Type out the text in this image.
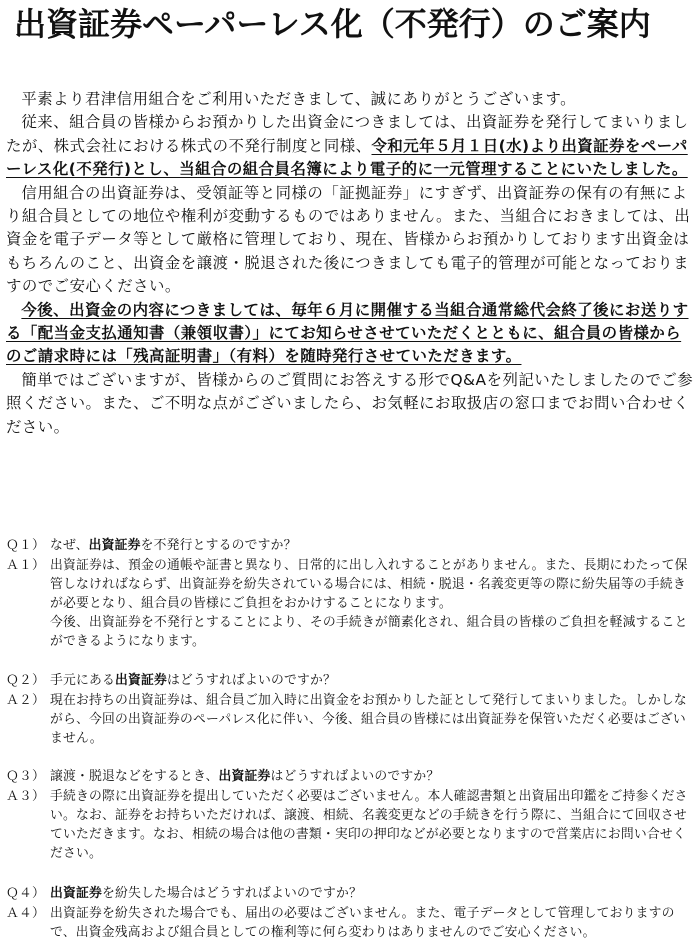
出資証券ペーパーレス化（不発行）のご案内

平素より君津信用組合をご利用いただきまして、誠にありがとうございます。

従来、組合員の皆様からお預かりした出資金につきましては、出資証券を発行してまいりましたが、株式会社における株式の不発行制度と同様、令和元年５月１日(水)より出資証券をペーパーレス化(不発行)とし、当組合の組合員名簿により電子的に一元管理することにいたしました。

信用組合の出資証券は、受領証等と同様の「証拠証券」にすぎず、出資証券の保有の有無により組合員としての地位や権利が変動するものではありません。また、当組合におきましては、出資金を電子データ等として厳格に管理しており、現在、皆様からお預かりしております出資金はもちろんのこと、出資金を譲渡・脱退された後につきましても電子的管理が可能となっておりますのでご安心ください。

今後、出資金の内容につきましては、毎年６月に開催する当組合通常総代会終了後にお送りする「配当金支払通知書（兼領収書）」にてお知らせさせていただくとともに、組合員の皆様からのご請求時には「残高証明書」（有料）を随時発行させていただきます。

簡単ではございますが、皆様からのご質問にお答えする形でQ&Aを列記いたしましたのでご参照ください。また、ご不明な点がございましたら、お気軽にお取扱店の窓口までお問い合わせください。

Ｑ１） なぜ、出資証券を不発行とするのですか？
Ａ１） 出資証券は、預金の通帳や証書と異なり、日常的に出し入れすることがありません。また、長期にわたって保管しなければならず、出資証券を紛失されている場合には、相続・脱退・名義変更等の際に紛失届等の手続きが必要となり、組合員の皆様にご負担をおかけすることになります。

今後、出資証券を不発行とすることにより、その手続きが簡素化され、組合員の皆様のご負担を軽減することができるようになります。

Ｑ２） 手元にある出資証券はどうすればよいのですか？
Ａ２） 現在お持ちの出資証券は、組合員ご加入時に出資金をお預かりした証として発行してまいりました。しかしながら、今回の出資証券のペーパレス化に伴い、今後、組合員の皆様には出資証券を保管いただく必要はございません。

Ｑ３） 譲渡・脱退などをするとき、出資証券はどうすればよいのですか？
Ａ３） 手続きの際に出資証券を提出していただく必要はございません。本人確認書類と出資届出印鑑をご持参ください。なお、証券をお持ちいただければ、譲渡、相続、名義変更などの手続きを行う際に、当組合にて回収させていただきます。なお、相続の場合は他の書類・実印の押印などが必要となりますので営業店にお問い合せください。

Ｑ４） 出資証券を紛失した場合はどうすればよいのですか？
Ａ４） 出資証券を紛失された場合でも、届出の必要はございません。また、電子データとして管理しておりますので、出資金残高および組合員としての権利等に何ら変わりはありませんのでご安心ください。
